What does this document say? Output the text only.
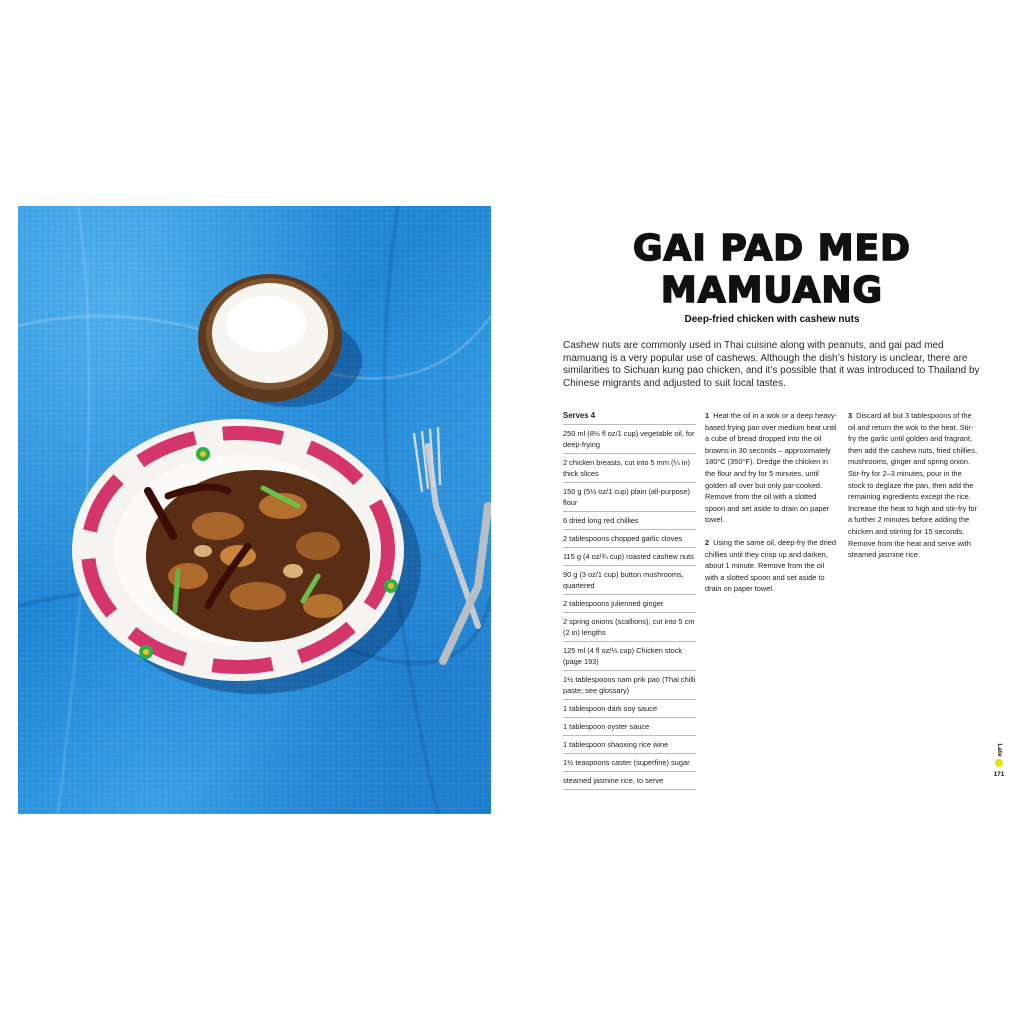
GAI PAD MED MAMUANG
Deep-fried chicken with cashew nuts
Cashew nuts are commonly used in Thai cuisine along with peanuts, and gai pad med mamuang is a very popular use of cashews. Although the dish’s history is unclear, there are similarities to Sichuan kung pao chicken, and it’s possible that it was introduced to Thailand by Chinese migrants and adjusted to suit local tastes.
Serves 4
250 ml (8½ fl oz/1 cup) vegetable oil, for deep-frying
2 chicken breasts, cut into 5 mm (¼ in) thick slices
150 g (5½ oz/1 cup) plain (all-purpose) flour
6 dried long red chillies
2 tablespoons chopped garlic cloves
115 g (4 oz/¾ cup) roasted cashew nuts
90 g (3 oz/1 cup) button mushrooms, quartered
2 tablespoons julienned ginger
2 spring onions (scallions), cut into 5 cm (2 in) lengths
125 ml (4 fl oz/½ cup) Chicken stock (page 193)
1½ tablespoons nam prik pao (Thai chilli paste; see glossary)
1 tablespoon dark soy sauce
1 tablespoon oyster sauce
1 tablespoon shaoxing rice wine
1½ teaspoons caster (superfine) sugar
steamed jasmine rice, to serve

1 Heat the oil in a wok or a deep heavy-based frying pan over medium heat until a cube of bread dropped into the oil browns in 30 seconds – approximately 180°C (350°F). Dredge the chicken in the flour and fry for 5 minutes, until golden all over but only par-cooked. Remove from the oil with a slotted spoon and set aside to drain on paper towel.

2 Using the same oil, deep-fry the dried chillies until they crisp up and darken, about 1 minute. Remove from the oil with a slotted spoon and set aside to drain on paper towel.

3 Discard all but 3 tablespoons of the oil and return the wok to the heat. Stir-fry the garlic until golden and fragrant, then add the cashew nuts, fried chillies, mushrooms, ginger and spring onion. Stir-fry for 2–3 minutes, pour in the stock to deglaze the pan, then add the remaining ingredients except the rice. Increase the heat to high and stir-fry for a further 2 minutes before adding the chicken and stirring for 15 seconds. Remove from the heat and serve with steamed jasmine rice.

Late
171
